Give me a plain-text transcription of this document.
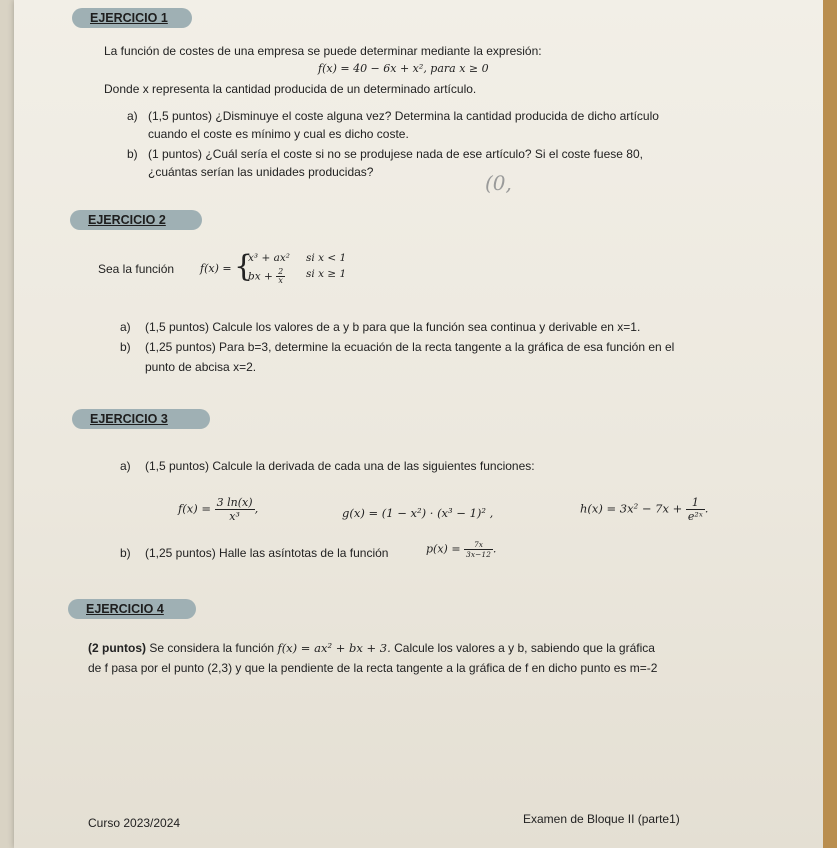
EJERCICIO 1
La función de costes de una empresa se puede determinar mediante la expresión:
f(x) = 40 − 6x + x², para x ≥ 0
Donde x representa la cantidad producida de un determinado artículo.
a) (1,5 puntos) ¿Disminuye el coste alguna vez? Determina la cantidad producida de dicho artículo
cuando el coste es mínimo y cual es dicho coste.
b) (1 puntos) ¿Cuál sería el coste si no se produjese nada de ese artículo? Si el coste fuese 80,
¿cuántas serían las unidades producidas?	(0,
EJERCICIO 2
Sea la función f(x) = {
x³ + ax² si x < 1
bx + $\frac{2}{x}$ si x ≥ 1
a) (1,5 puntos) Calcule los valores de a y b para que la función sea continua y derivable en x=1.
b) (1,25 puntos) Para b=3, determine la ecuación de la recta tangente a la gráfica de esa función en el
punto de abcisa x=2.
EJERCICIO 3
a) (1,5 puntos) Calcule la derivada de cada una de las siguientes funciones:
$f(x) = \frac{3 \ln(x)}{\text{x³}}$ ,	g(x) = (1 − x²) · (x³ − 1)² ,	$h(x) = 3x^2 - 7x + \frac{1}{\text{e²ˣ}}$ .
b) (1,25 puntos) Halle las asíntotas de la función	$p(x) = \frac{7x}{3x-12}$ .
EJERCICIO 4
(2 puntos) Se considera la función f(x) = ax² + bx + 3. Calcule los valores a y b, sabiendo que la gráfica
de f pasa por el punto (2,3) y que la pendiente de la recta tangente a la gráfica de f en dicho punto es m=-2
Curso 2023/2024	Examen de Bloque II (parte1)
